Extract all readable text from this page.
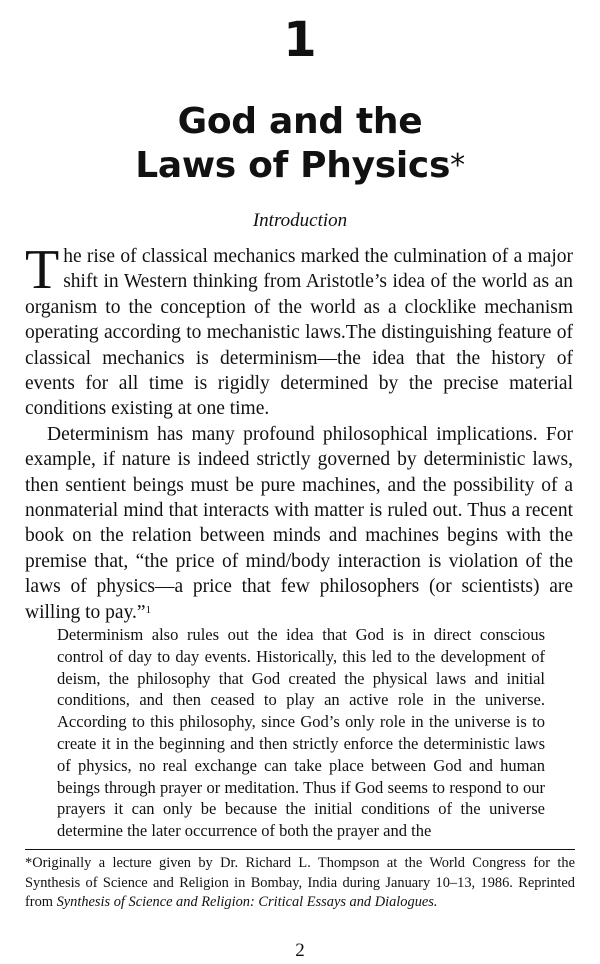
1
God and the
Laws of Physics*
Introduction

The rise of classical mechanics marked the culmination of a major shift in Western thinking from Aristotle’s idea of the world as an organism to the conception of the world as a clocklike mechanism operating according to mechanistic laws.The distinguishing feature of classical mechanics is determinism—the idea that the history of events for all time is rigidly determined by the precise material conditions existing at one time.

Determinism has many profound philosophical implications. For example, if nature is indeed strictly governed by deterministic laws, then sentient beings must be pure machines, and the possibility of a nonmaterial mind that interacts with matter is ruled out. Thus a recent book on the relation between minds and machines begins with the premise that, “the price of mind/body interaction is violation of the laws of physics—a price that few philosophers (or scientists) are willing to pay.”$^1$

Determinism also rules out the idea that God is in direct conscious control of day to day events. Historically, this led to the development of deism, the philosophy that God created the physical laws and initial conditions, and then ceased to play an active role in the universe. According to this philosophy, since God’s only role in the universe is to create it in the beginning and then strictly enforce the deterministic laws of physics, no real exchange can take place between God and human beings through prayer or meditation. Thus if God seems to respond to our prayers it can only be because the initial conditions of the universe determine the later occurrence of both the prayer and the

*Originally a lecture given by Dr. Richard L. Thompson at the World Congress for the Synthesis of Science and Religion in Bombay, India during January 10–13, 1986. Reprinted from Synthesis of Science and Religion: Critical Essays and Dialogues.
2
